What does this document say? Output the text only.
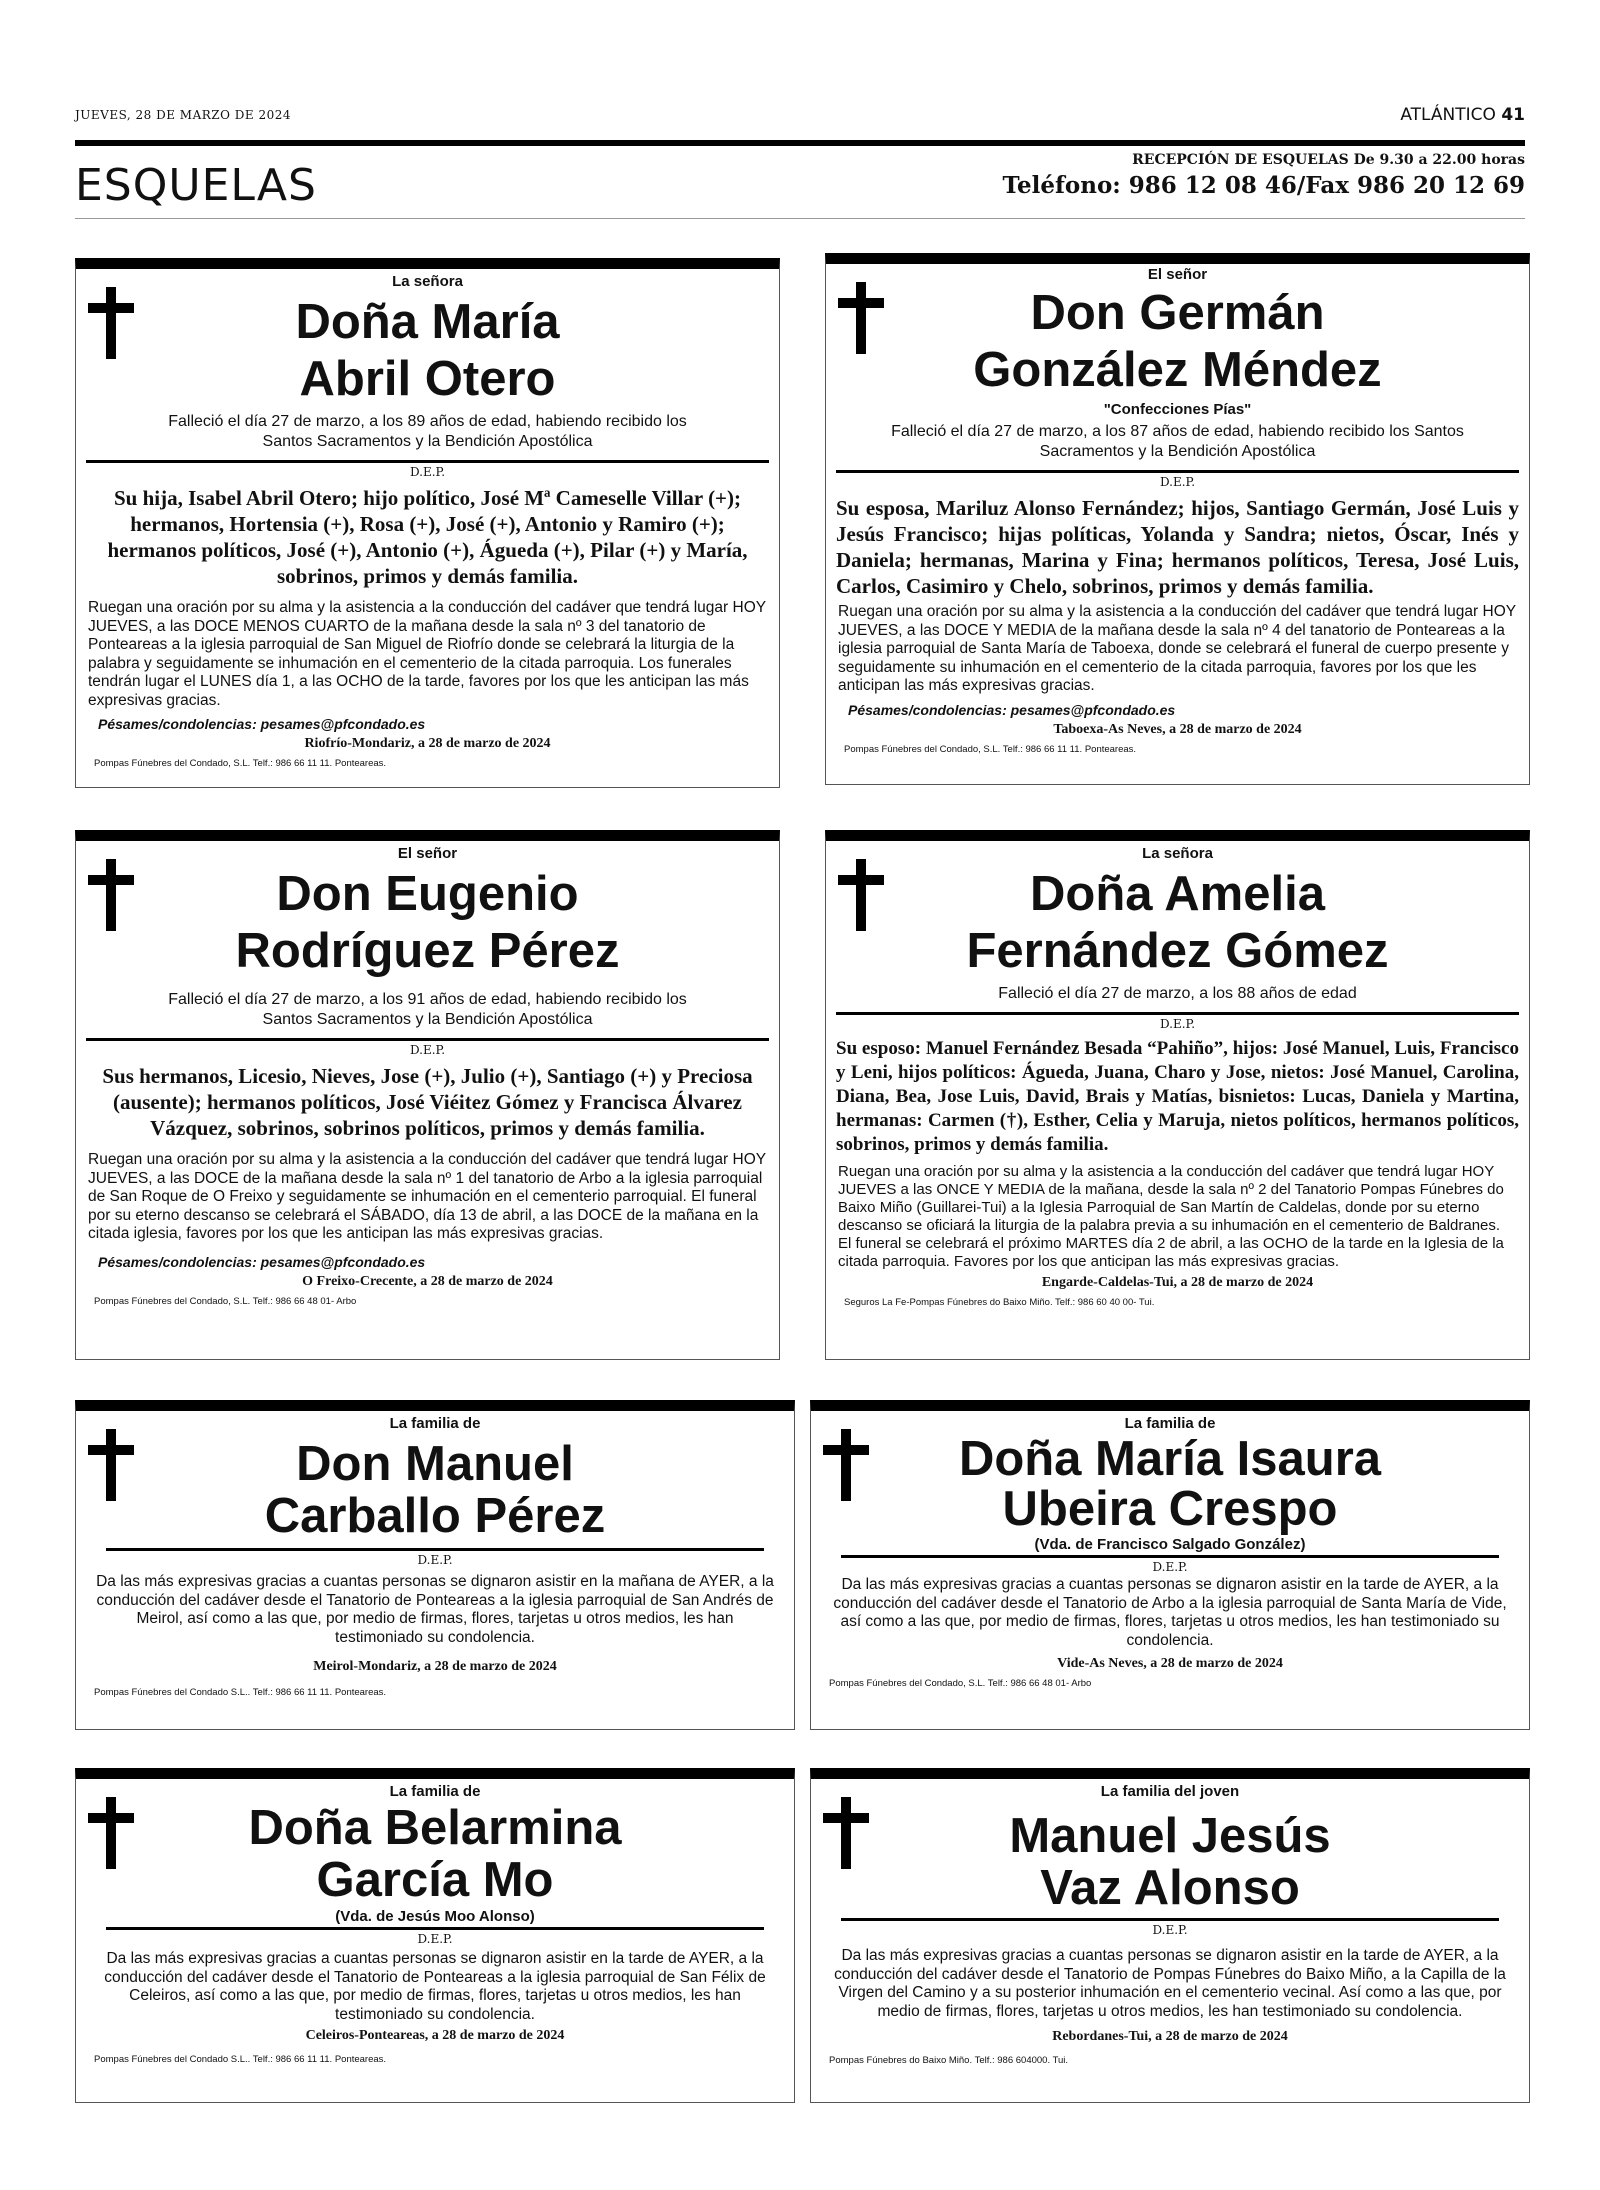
JUEVES, 28 DE MARZO DE 2024	ATLÁNTICO 41
ESQUELAS	RECEPCIÓN DE ESQUELAS De 9.30 a 22.00 horas
Teléfono: 986 12 08 46/Fax 986 20 12 69
La señora
Doña María
Abril Otero
Falleció el día 27 de marzo, a los 89 años de edad, habiendo recibido los Santos Sacramentos y la Bendición Apostólica
D.E.P.
Su hija, Isabel Abril Otero; hijo político, José Mª Cameselle Villar (+); hermanos, Hortensia (+), Rosa (+), José (+), Antonio y Ramiro (+); hermanos políticos, José (+), Antonio (+), Águeda (+), Pilar (+) y María, sobrinos, primos y demás familia.
Ruegan una oración por su alma y la asistencia a la conducción del cadáver que tendrá lugar HOY JUEVES, a las DOCE MENOS CUARTO de la mañana desde la sala nº 3 del tanatorio de Ponteareas a la iglesia parroquial de San Miguel de Riofrío donde se celebrará la liturgia de la palabra y seguidamente se inhumación en el cementerio de la citada parroquia. Los funerales tendrán lugar el LUNES día 1, a las OCHO de la tarde, favores por los que les anticipan las más expresivas gracias.
Pésames/condolencias: pesames@pfcondado.es
Riofrío-Mondariz, a 28 de marzo de 2024
Pompas Fúnebres del Condado, S.L. Telf.: 986 66 11 11. Ponteareas.
El señor
Don Germán
González Méndez
"Confecciones Pías"
Falleció el día 27 de marzo, a los 87 años de edad, habiendo recibido los Santos Sacramentos y la Bendición Apostólica
D.E.P.
Su esposa, Mariluz Alonso Fernández; hijos, Santiago Germán, José Luis y Jesús Francisco; hijas políticas, Yolanda y Sandra; nietos, Óscar, Inés y Daniela; hermanas, Marina y Fina; hermanos políticos, Teresa, José Luis, Carlos, Casimiro y Chelo, sobrinos, primos y demás familia.
Ruegan una oración por su alma y la asistencia a la conducción del cadáver que tendrá lugar HOY JUEVES, a las DOCE Y MEDIA de la mañana desde la sala nº 4 del tanatorio de Ponteareas a la iglesia parroquial de Santa María de Taboexa, donde se celebrará el funeral de cuerpo presente y seguidamente su inhumación en el cementerio de la citada parroquia, favores por los que les anticipan las más expresivas gracias.
Pésames/condolencias: pesames@pfcondado.es
Taboexa-As Neves, a 28 de marzo de 2024
Pompas Fúnebres del Condado, S.L. Telf.: 986 66 11 11. Ponteareas.
El señor
Don Eugenio
Rodríguez Pérez
Falleció el día 27 de marzo, a los 91 años de edad, habiendo recibido los Santos Sacramentos y la Bendición Apostólica
D.E.P.
Sus hermanos, Licesio, Nieves, Jose (+), Julio (+), Santiago (+) y Preciosa (ausente); hermanos políticos, José Viéitez Gómez y Francisca Álvarez Vázquez, sobrinos, sobrinos políticos, primos y demás familia.
Ruegan una oración por su alma y la asistencia a la conducción del cadáver que tendrá lugar HOY JUEVES, a las DOCE de la mañana desde la sala nº 1 del tanatorio de Arbo a la iglesia parroquial de San Roque de O Freixo y seguidamente se inhumación en el cementerio parroquial. El funeral por su eterno descanso se celebrará el SÁBADO, día 13 de abril, a las DOCE de la mañana en la citada iglesia, favores por los que les anticipan las más expresivas gracias.
Pésames/condolencias: pesames@pfcondado.es
O Freixo-Crecente, a 28 de marzo de 2024
Pompas Fúnebres del Condado, S.L. Telf.: 986 66 48 01- Arbo
La señora
Doña Amelia
Fernández Gómez
Falleció el día 27 de marzo, a los 88 años de edad
D.E.P.
Su esposo: Manuel Fernández Besada “Pahiño”, hijos: José Manuel, Luis, Francisco y Leni, hijos políticos: Águeda, Juana, Charo y Jose, nietos: José Manuel, Carolina, Diana, Bea, Jose Luis, David, Brais y Matías, bisnietos: Lucas, Daniela y Martina, hermanas: Carmen (†), Esther, Celia y Maruja, nietos políticos, hermanos políticos, sobrinos, primos y demás familia.
Ruegan una oración por su alma y la asistencia a la conducción del cadáver que tendrá lugar HOY JUEVES a las ONCE Y MEDIA de la mañana, desde la sala nº 2 del Tanatorio Pompas Fúnebres do Baixo Miño (Guillarei-Tui) a la Iglesia Parroquial de San Martín de Caldelas, donde por su eterno descanso se oficiará la liturgia de la palabra previa a su inhumación en el cementerio de Baldranes. El funeral se celebrará el próximo MARTES día 2 de abril, a las OCHO de la tarde en la Iglesia de la citada parroquia. Favores por los que anticipan las más expresivas gracias.
Engarde-Caldelas-Tui, a 28 de marzo de 2024
Seguros La Fe-Pompas Fúnebres do Baixo Miño. Telf.: 986 60 40 00- Tui.
La familia de
Don Manuel
Carballo Pérez
D.E.P.
Da las más expresivas gracias a cuantas personas se dignaron asistir en la mañana de AYER, a la conducción del cadáver desde el Tanatorio de Ponteareas a la iglesia parroquial de San Andrés de Meirol, así como a las que, por medio de firmas, flores, tarjetas u otros medios, les han testimoniado su condolencia.
Meirol-Mondariz, a 28 de marzo de 2024
Pompas Fúnebres del Condado S.L.. Telf.: 986 66 11 11. Ponteareas.
La familia de
Doña María Isaura
Ubeira Crespo
(Vda. de Francisco Salgado González)
D.E.P.
Da las más expresivas gracias a cuantas personas se dignaron asistir en la tarde de AYER, a la conducción del cadáver desde el Tanatorio de Arbo a la iglesia parroquial de Santa María de Vide, así como a las que, por medio de firmas, flores, tarjetas u otros medios, les han testimoniado su condolencia.
Vide-As Neves, a 28 de marzo de 2024
Pompas Fúnebres del Condado, S.L. Telf.: 986 66 48 01- Arbo
La familia de
Doña Belarmina
García Mo
(Vda. de Jesús Moo Alonso)
D.E.P.
Da las más expresivas gracias a cuantas personas se dignaron asistir en la tarde de AYER, a la conducción del cadáver desde el Tanatorio de Ponteareas a la iglesia parroquial de San Félix de Celeiros, así como a las que, por medio de firmas, flores, tarjetas u otros medios, les han testimoniado su condolencia.
Celeiros-Ponteareas, a 28 de marzo de 2024
Pompas Fúnebres del Condado S.L.. Telf.: 986 66 11 11. Ponteareas.
La familia del joven
Manuel Jesús
Vaz Alonso
D.E.P.
Da las más expresivas gracias a cuantas personas se dignaron asistir en la tarde de AYER, a la conducción del cadáver desde el Tanatorio de Pompas Fúnebres do Baixo Miño, a la Capilla de la Virgen del Camino y a su posterior inhumación en el cementerio vecinal. Así como a las que, por medio de firmas, flores, tarjetas u otros medios, les han testimoniado su condolencia.
Rebordanes-Tui, a 28 de marzo de 2024
Pompas Fúnebres do Baixo Miño. Telf.: 986 604000. Tui.
